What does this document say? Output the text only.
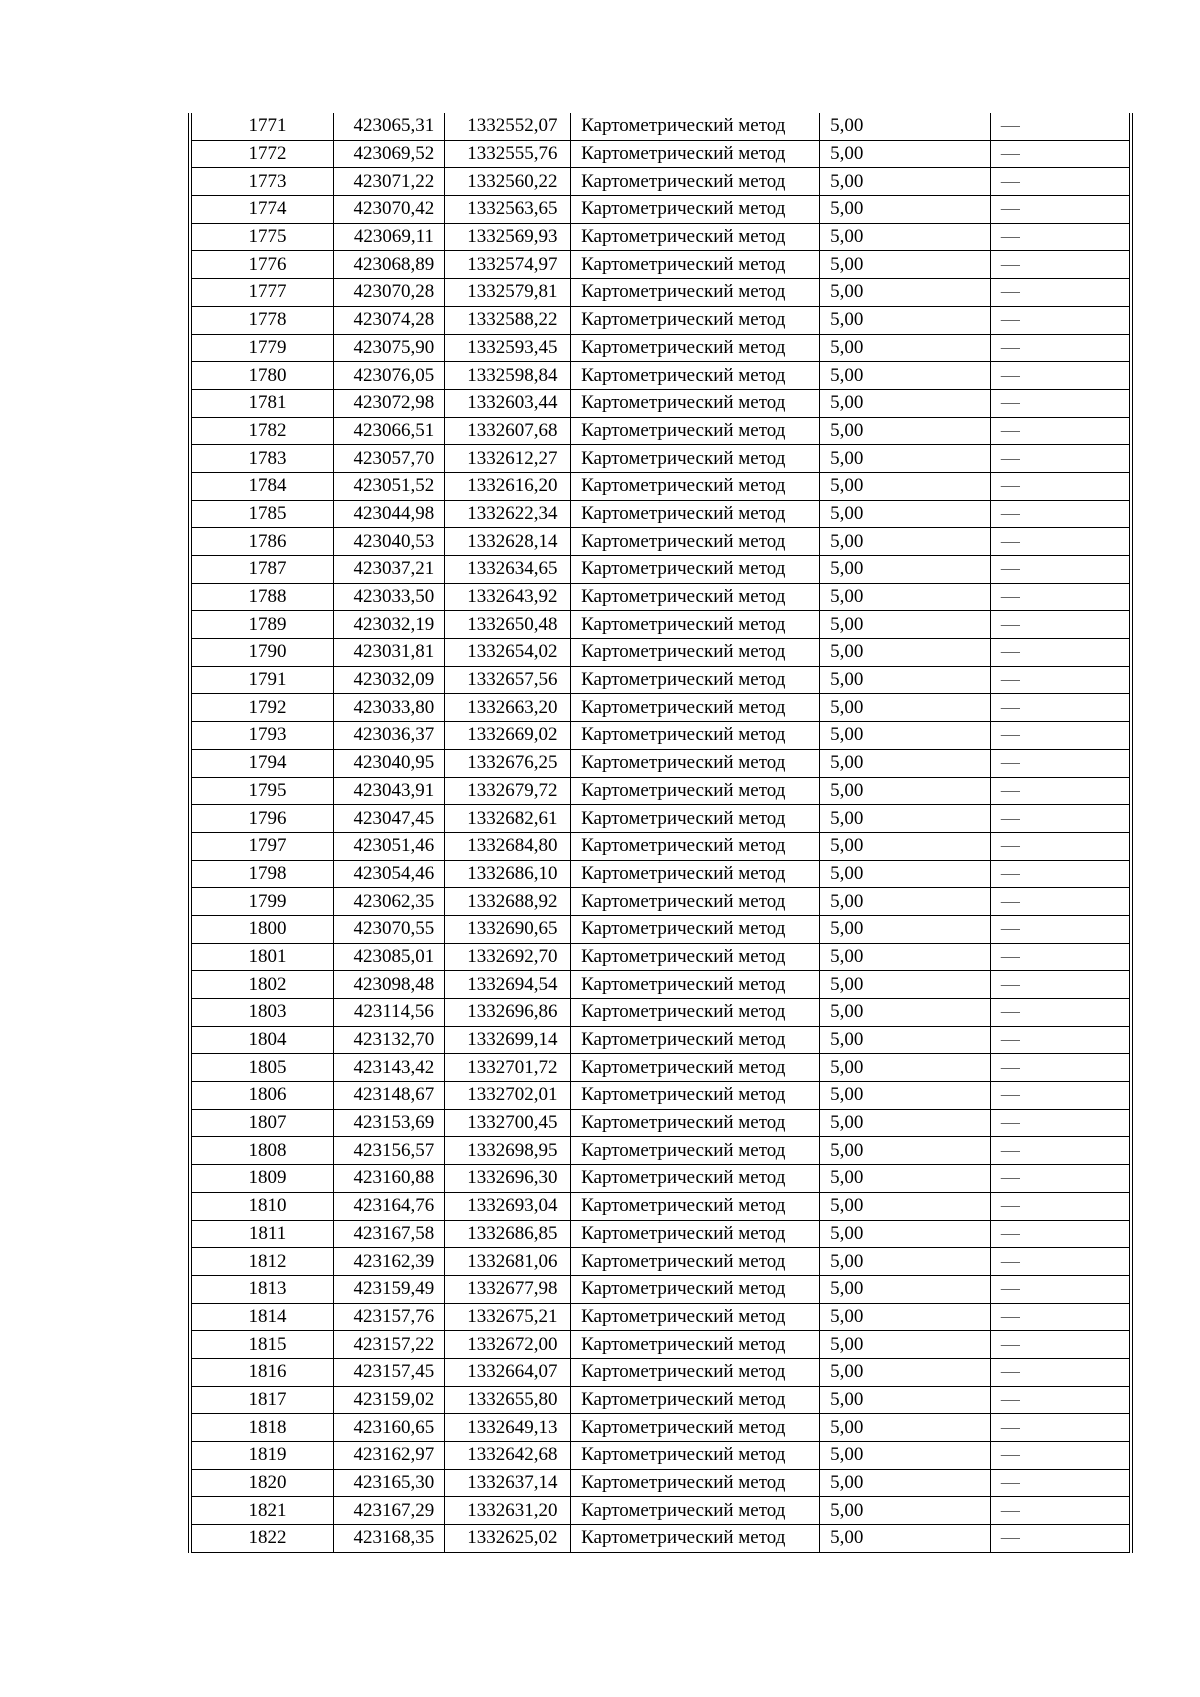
1771	423065,31	1332552,07	Картометрический метод	5,00	—
1772	423069,52	1332555,76	Картометрический метод	5,00	—
1773	423071,22	1332560,22	Картометрический метод	5,00	—
1774	423070,42	1332563,65	Картометрический метод	5,00	—
1775	423069,11	1332569,93	Картометрический метод	5,00	—
1776	423068,89	1332574,97	Картометрический метод	5,00	—
1777	423070,28	1332579,81	Картометрический метод	5,00	—
1778	423074,28	1332588,22	Картометрический метод	5,00	—
1779	423075,90	1332593,45	Картометрический метод	5,00	—
1780	423076,05	1332598,84	Картометрический метод	5,00	—
1781	423072,98	1332603,44	Картометрический метод	5,00	—
1782	423066,51	1332607,68	Картометрический метод	5,00	—
1783	423057,70	1332612,27	Картометрический метод	5,00	—
1784	423051,52	1332616,20	Картометрический метод	5,00	—
1785	423044,98	1332622,34	Картометрический метод	5,00	—
1786	423040,53	1332628,14	Картометрический метод	5,00	—
1787	423037,21	1332634,65	Картометрический метод	5,00	—
1788	423033,50	1332643,92	Картометрический метод	5,00	—
1789	423032,19	1332650,48	Картометрический метод	5,00	—
1790	423031,81	1332654,02	Картометрический метод	5,00	—
1791	423032,09	1332657,56	Картометрический метод	5,00	—
1792	423033,80	1332663,20	Картометрический метод	5,00	—
1793	423036,37	1332669,02	Картометрический метод	5,00	—
1794	423040,95	1332676,25	Картометрический метод	5,00	—
1795	423043,91	1332679,72	Картометрический метод	5,00	—
1796	423047,45	1332682,61	Картометрический метод	5,00	—
1797	423051,46	1332684,80	Картометрический метод	5,00	—
1798	423054,46	1332686,10	Картометрический метод	5,00	—
1799	423062,35	1332688,92	Картометрический метод	5,00	—
1800	423070,55	1332690,65	Картометрический метод	5,00	—
1801	423085,01	1332692,70	Картометрический метод	5,00	—
1802	423098,48	1332694,54	Картометрический метод	5,00	—
1803	423114,56	1332696,86	Картометрический метод	5,00	—
1804	423132,70	1332699,14	Картометрический метод	5,00	—
1805	423143,42	1332701,72	Картометрический метод	5,00	—
1806	423148,67	1332702,01	Картометрический метод	5,00	—
1807	423153,69	1332700,45	Картометрический метод	5,00	—
1808	423156,57	1332698,95	Картометрический метод	5,00	—
1809	423160,88	1332696,30	Картометрический метод	5,00	—
1810	423164,76	1332693,04	Картометрический метод	5,00	—
1811	423167,58	1332686,85	Картометрический метод	5,00	—
1812	423162,39	1332681,06	Картометрический метод	5,00	—
1813	423159,49	1332677,98	Картометрический метод	5,00	—
1814	423157,76	1332675,21	Картометрический метод	5,00	—
1815	423157,22	1332672,00	Картометрический метод	5,00	—
1816	423157,45	1332664,07	Картометрический метод	5,00	—
1817	423159,02	1332655,80	Картометрический метод	5,00	—
1818	423160,65	1332649,13	Картометрический метод	5,00	—
1819	423162,97	1332642,68	Картометрический метод	5,00	—
1820	423165,30	1332637,14	Картометрический метод	5,00	—
1821	423167,29	1332631,20	Картометрический метод	5,00	—
1822	423168,35	1332625,02	Картометрический метод	5,00	—
